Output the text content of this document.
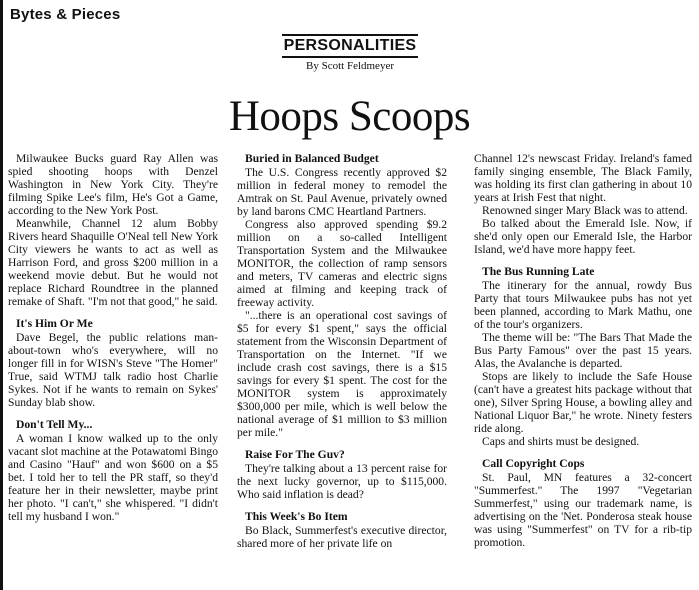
Bytes & Pieces
PERSONALITIES
By Scott Feldmeyer
Hoops Scoops

Milwaukee Bucks guard Ray Allen was spied shooting hoops with Denzel Washington in New York City. They're filming Spike Lee's film, He's Got a Game, according to the New York Post.

Meanwhile, Channel 12 alum Bobby Rivers heard Shaquille O'Neal tell New York City viewers he wants to act as well as Harrison Ford, and gross $200 million in a weekend movie debut. But he would not replace Richard Roundtree in the planned remake of Shaft. "I'm not that good," he said.

It's Him Or Me

Dave Begel, the public relations man-about-town who's everywhere, will no longer fill in for WISN's Steve "The Homer" True, said WTMJ talk radio host Charlie Sykes. Not if he wants to remain on Sykes' Sunday blab show.

Don't Tell My...

A woman I know walked up to the only vacant slot machine at the Potawatomi Bingo and Casino "Hauf" and won $600 on a $5 bet. I told her to tell the PR staff, so they'd feature her in their newsletter, maybe print her photo. "I can't," she whispered. "I didn't tell my husband I won."

Buried in Balanced Budget

The U.S. Congress recently approved $2 million in federal money to remodel the Amtrak on St. Paul Avenue, privately owned by land barons CMC Heartland Partners.

Congress also approved spending $9.2 million on a so-called Intelligent Transportation System and the Milwaukee MONITOR, the collection of ramp sensors and meters, TV cameras and electric signs aimed at filming and keeping track of freeway activity.

"...there is an operational cost savings of $5 for every $1 spent," says the official statement from the Wisconsin Department of Transportation on the Internet. "If we include crash cost savings, there is a $15 savings for every $1 spent. The cost for the MONITOR system is approximately $300,000 per mile, which is well below the national average of $1 million to $3 million per mile."

Raise For The Guv?

They're talking about a 13 percent raise for the next lucky governor, up to $115,000. Who said inflation is dead?

This Week's Bo Item

Bo Black, Summerfest's executive director, shared more of her private life on

Channel 12's newscast Friday. Ireland's famed family singing ensemble, The Black Family, was holding its first clan gathering in about 10 years at Irish Fest that night.

Renowned singer Mary Black was to attend.

Bo talked about the Emerald Isle. Now, if she'd only open our Emerald Isle, the Harbor Island, we'd have more happy feet.

The Bus Running Late

The itinerary for the annual, rowdy Bus Party that tours Milwaukee pubs has not yet been planned, according to Mark Mathu, one of the tour's organizers.

The theme will be: "The Bars That Made the Bus Party Famous" over the past 15 years. Alas, the Avalanche is departed.

Stops are likely to include the Safe House (can't have a greatest hits package without that one), Silver Spring House, a bowling alley and National Liquor Bar," he wrote. Ninety festers ride along.

Caps and shirts must be designed.

Call Copyright Cops

St. Paul, MN features a 32-concert "Summerfest." The 1997 "Vegetarian Summerfest," using our trademark name, is advertising on the 'Net. Ponderosa steak house was using "Summerfest" on TV for a rib-tip promotion.
